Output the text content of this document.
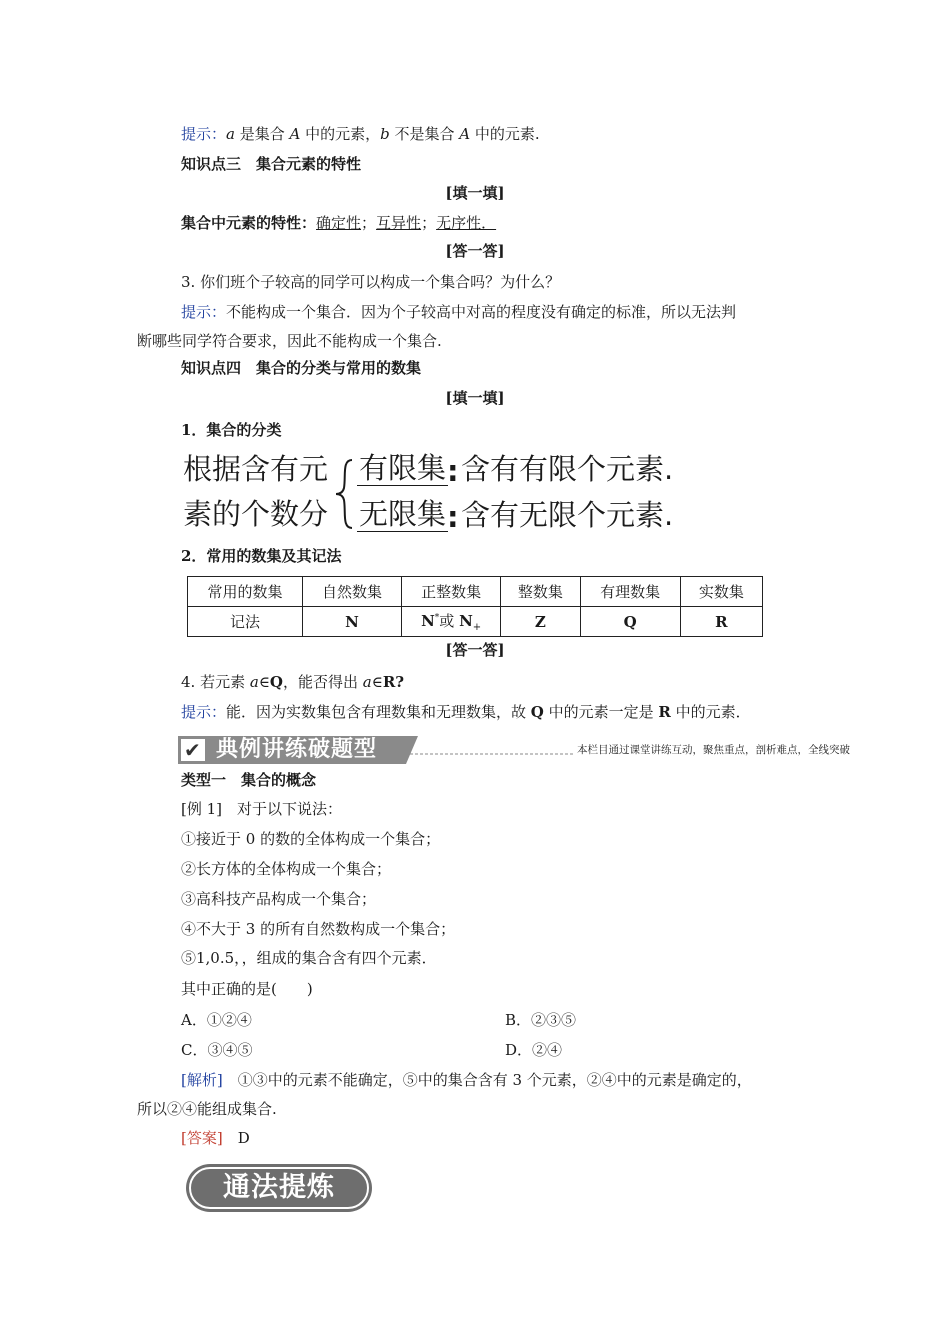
提示：a 是集合 A 中的元素，b 不是集合 A 中的元素.
知识点三　集合元素的特性
[填一填]
集合中元素的特性：确定性；互异性；无序性．
[答一答]
3. 你们班个子较高的同学可以构成一个集合吗？为什么？
提示：不能构成一个集合．因为个子较高中对高的程度没有确定的标准，所以无法判
断哪些同学符合要求，因此不能构成一个集合.
知识点四　集合的分类与常用的数集
[填一填]
1．集合的分类
根据含有元
素的个数分
有限集 : 含有有限个元素.
无限集 : 含有无限个元素.
2．常用的数集及其记法
常用的数集	自然数集	正整数集	整数集	有理数集	实数集
记法	N	N*或 $N_+$	Z	Q	R
[答一答]
4. 若元素 a∈Q，能否得出 a∈R?
提示：能．因为实数集包含有理数集和无理数集，故 Q 中的元素一定是 R 中的元素．
✔ 典例讲练破题型	本栏目通过课堂讲练互动，聚焦重点，剖析难点，全线突破
类型一　集合的概念
[例 1]　对于以下说法：
①接近于 0 的数的全体构成一个集合；
②长方体的全体构成一个集合；
③高科技产品构成一个集合；
④不大于 3 的所有自然数构成一个集合；
⑤1,0.5，，组成的集合含有四个元素．
其中正确的是(　　)
A．①②④	B．②③⑤
C．③④⑤	D．②④
[解析]　①③中的元素不能确定，⑤中的集合含有 3 个元素，②④中的元素是确定的，
所以②④能组成集合.
[答案]　D
通法提炼
